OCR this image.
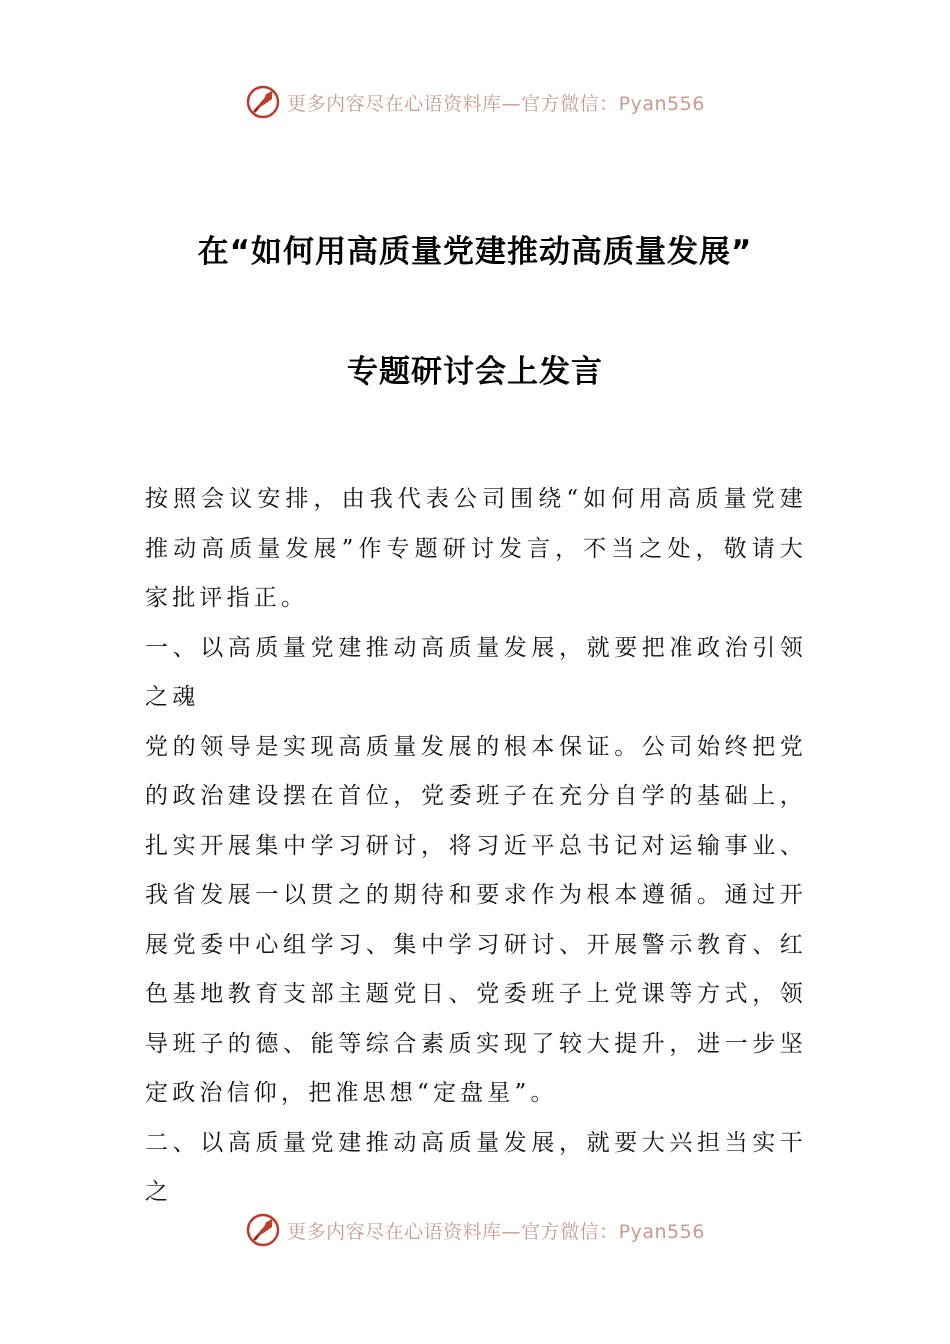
更多内容尽在心语资料库—官方微信：Pyan556
在“如何用高质量党建推动高质量发展”
专题研讨会上发言

按照会议安排，由我代表公司围绕“如何用高质量党建推动高质量发展”作专题研讨发言，不当之处，敬请大家批评指正。

一、以高质量党建推动高质量发展，就要把准政治引领之魂

党的领导是实现高质量发展的根本保证。公司始终把党的政治建设摆在首位，党委班子在充分自学的基础上，扎实开展集中学习研讨，将习近平总书记对运输事业、我省发展一以贯之的期待和要求作为根本遵循。通过开展党委中心组学习、集中学习研讨、开展警示教育、红色基地教育支部主题党日、党委班子上党课等方式，领导班子的德、能等综合素质实现了较大提升，进一步坚定政治信仰，把准思想“定盘星”。

二、以高质量党建推动高质量发展，就要大兴担当实干之

更多内容尽在心语资料库—官方微信：Pyan556
